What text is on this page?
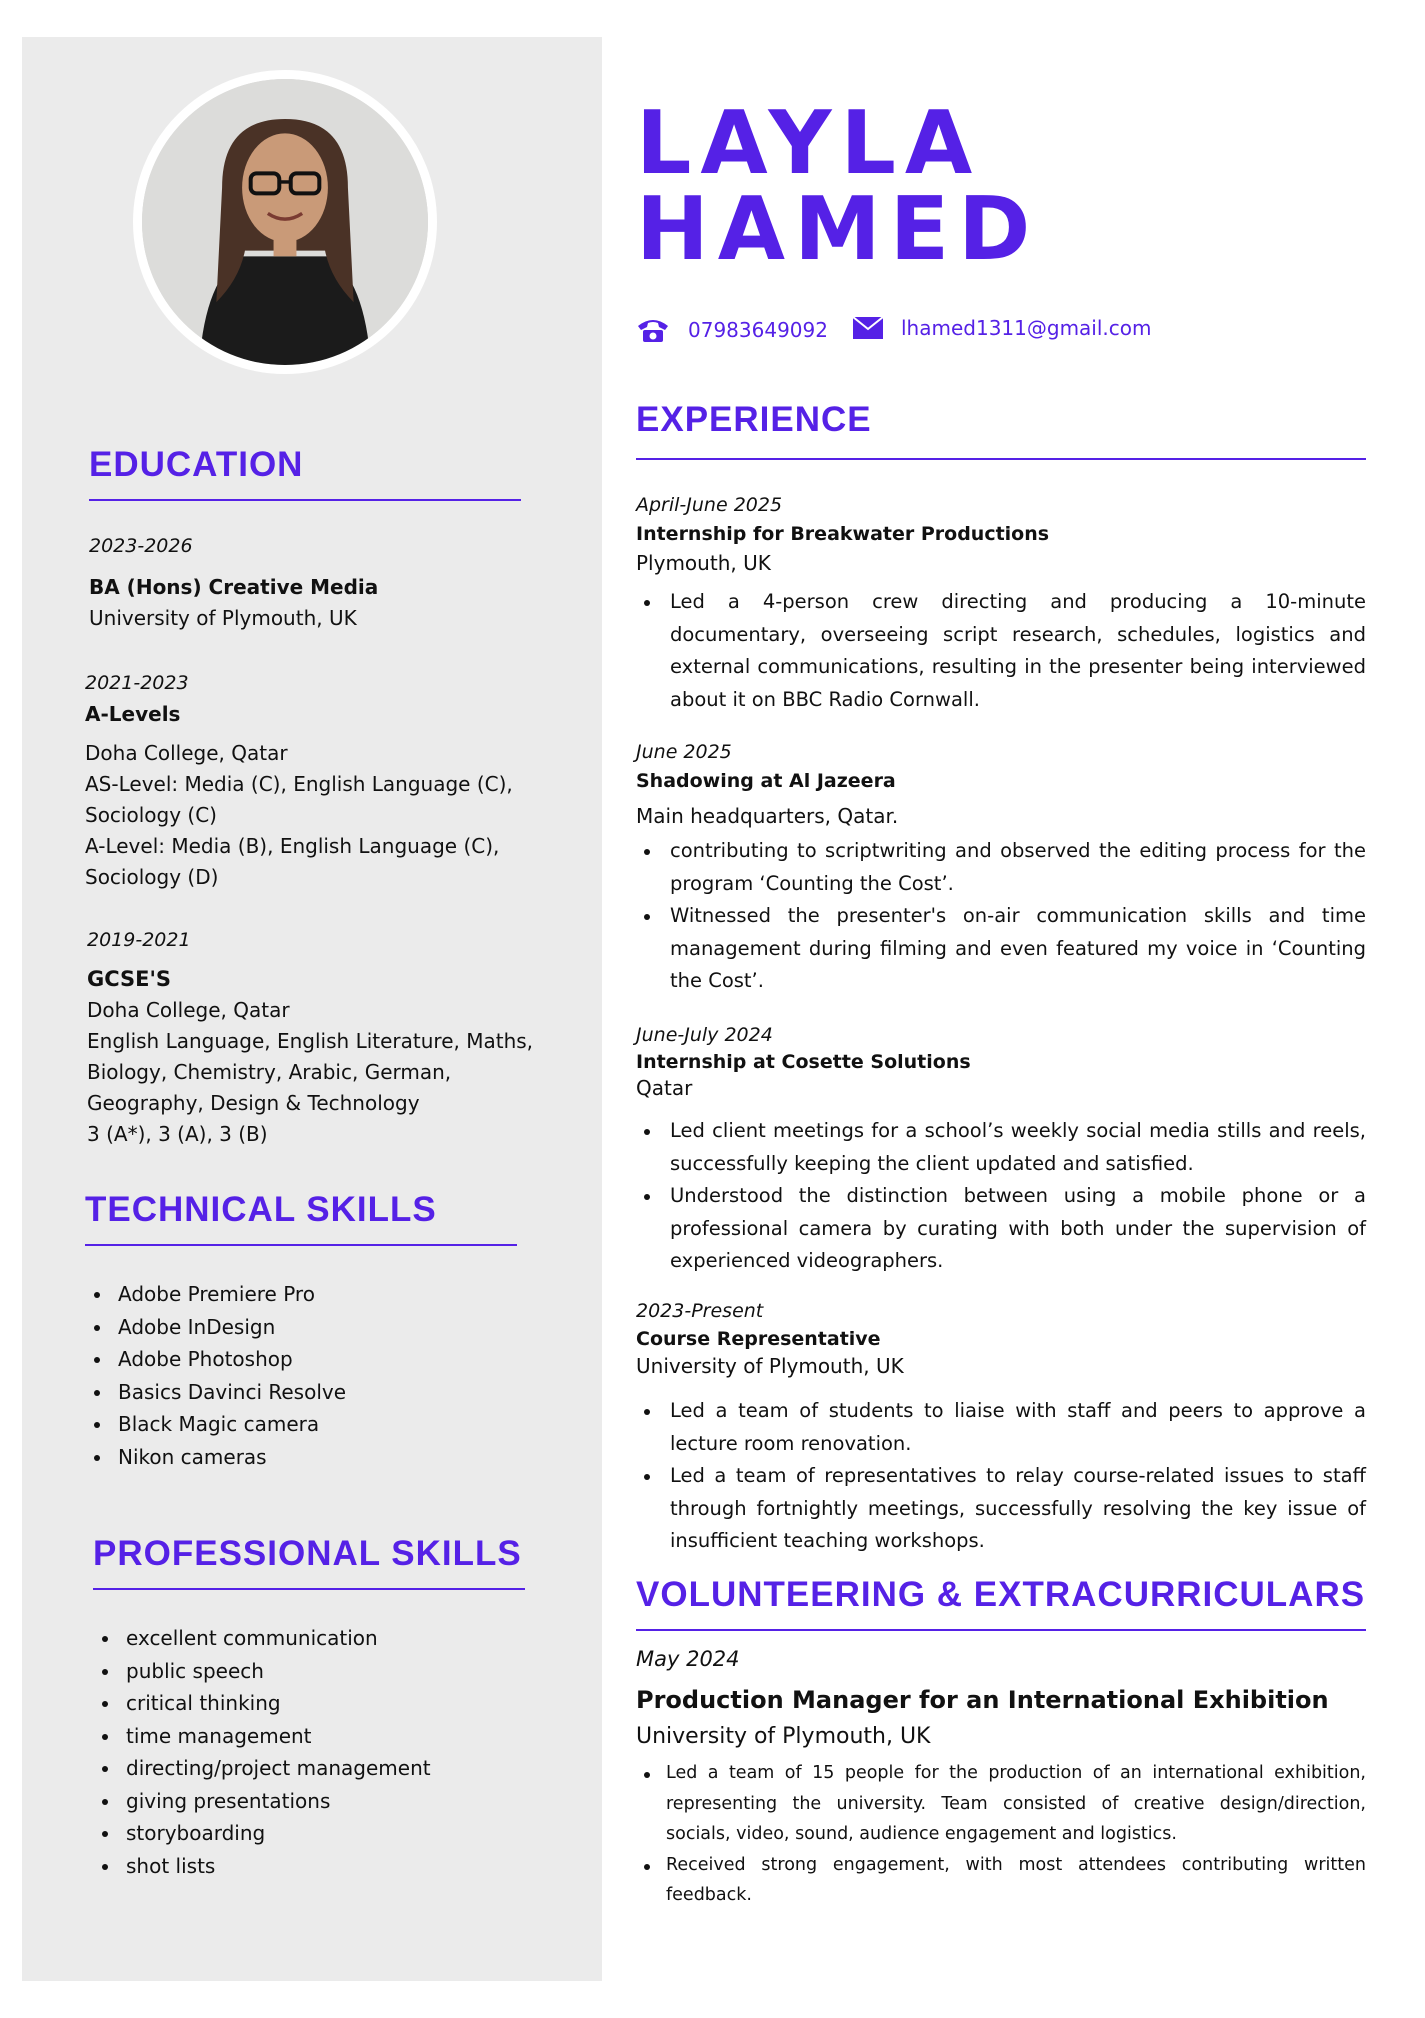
EDUCATION
2023-2026
BA (Hons) Creative Media
University of Plymouth, UK
2021-2023
A-Levels
Doha College, Qatar
AS-Level: Media (C), English Language (C),
Sociology (C)
A-Level: Media (B), English Language (C),
Sociology (D)
2019-2021
GCSE'S
Doha College, Qatar
English Language, English Literature, Maths,
Biology, Chemistry, Arabic, German,
Geography, Design & Technology
3 (A*), 3 (A), 3 (B)
TECHNICAL SKILLS
Adobe Premiere Pro
Adobe InDesign
Adobe Photoshop
Basics Davinci Resolve
Black Magic camera
Nikon cameras
PROFESSIONAL SKILLS
excellent communication
public speech
critical thinking
time management
directing/project management
giving presentations
storyboarding
shot lists
LAYLA
HAMED
07983649092	lhamed1311@gmail.com
EXPERIENCE
April-June 2025
Internship for Breakwater Productions
Plymouth, UK
Led a 4-person crew directing and producing a 10-minute documentary, overseeing script research, schedules, logistics and external communications, resulting in the presenter being interviewed about it on BBC Radio Cornwall.
June 2025
Shadowing at Al Jazeera
Main headquarters, Qatar.
contributing to scriptwriting and observed the editing process for the program ‘Counting the Cost’.
Witnessed the presenter's on-air communication skills and time management during filming and even featured my voice in ‘Counting the Cost’.
June-July 2024
Internship at Cosette Solutions
Qatar
Led client meetings for a school’s weekly social media stills and reels, successfully keeping the client updated and satisfied.
Understood the distinction between using a mobile phone or a professional camera by curating with both under the supervision of experienced videographers.
2023-Present
Course Representative
University of Plymouth, UK
Led a team of students to liaise with staff and peers to approve a lecture room renovation.
Led a team of representatives to relay course-related issues to staff through fortnightly meetings, successfully resolving the key issue of insufficient teaching workshops.
VOLUNTEERING & EXTRACURRICULARS
May 2024
Production Manager for an International Exhibition
University of Plymouth, UK
Led a team of 15 people for the production of an international exhibition, representing the university. Team consisted of creative design/direction, socials, video, sound, audience engagement and logistics.
Received strong engagement, with most attendees contributing written feedback.
